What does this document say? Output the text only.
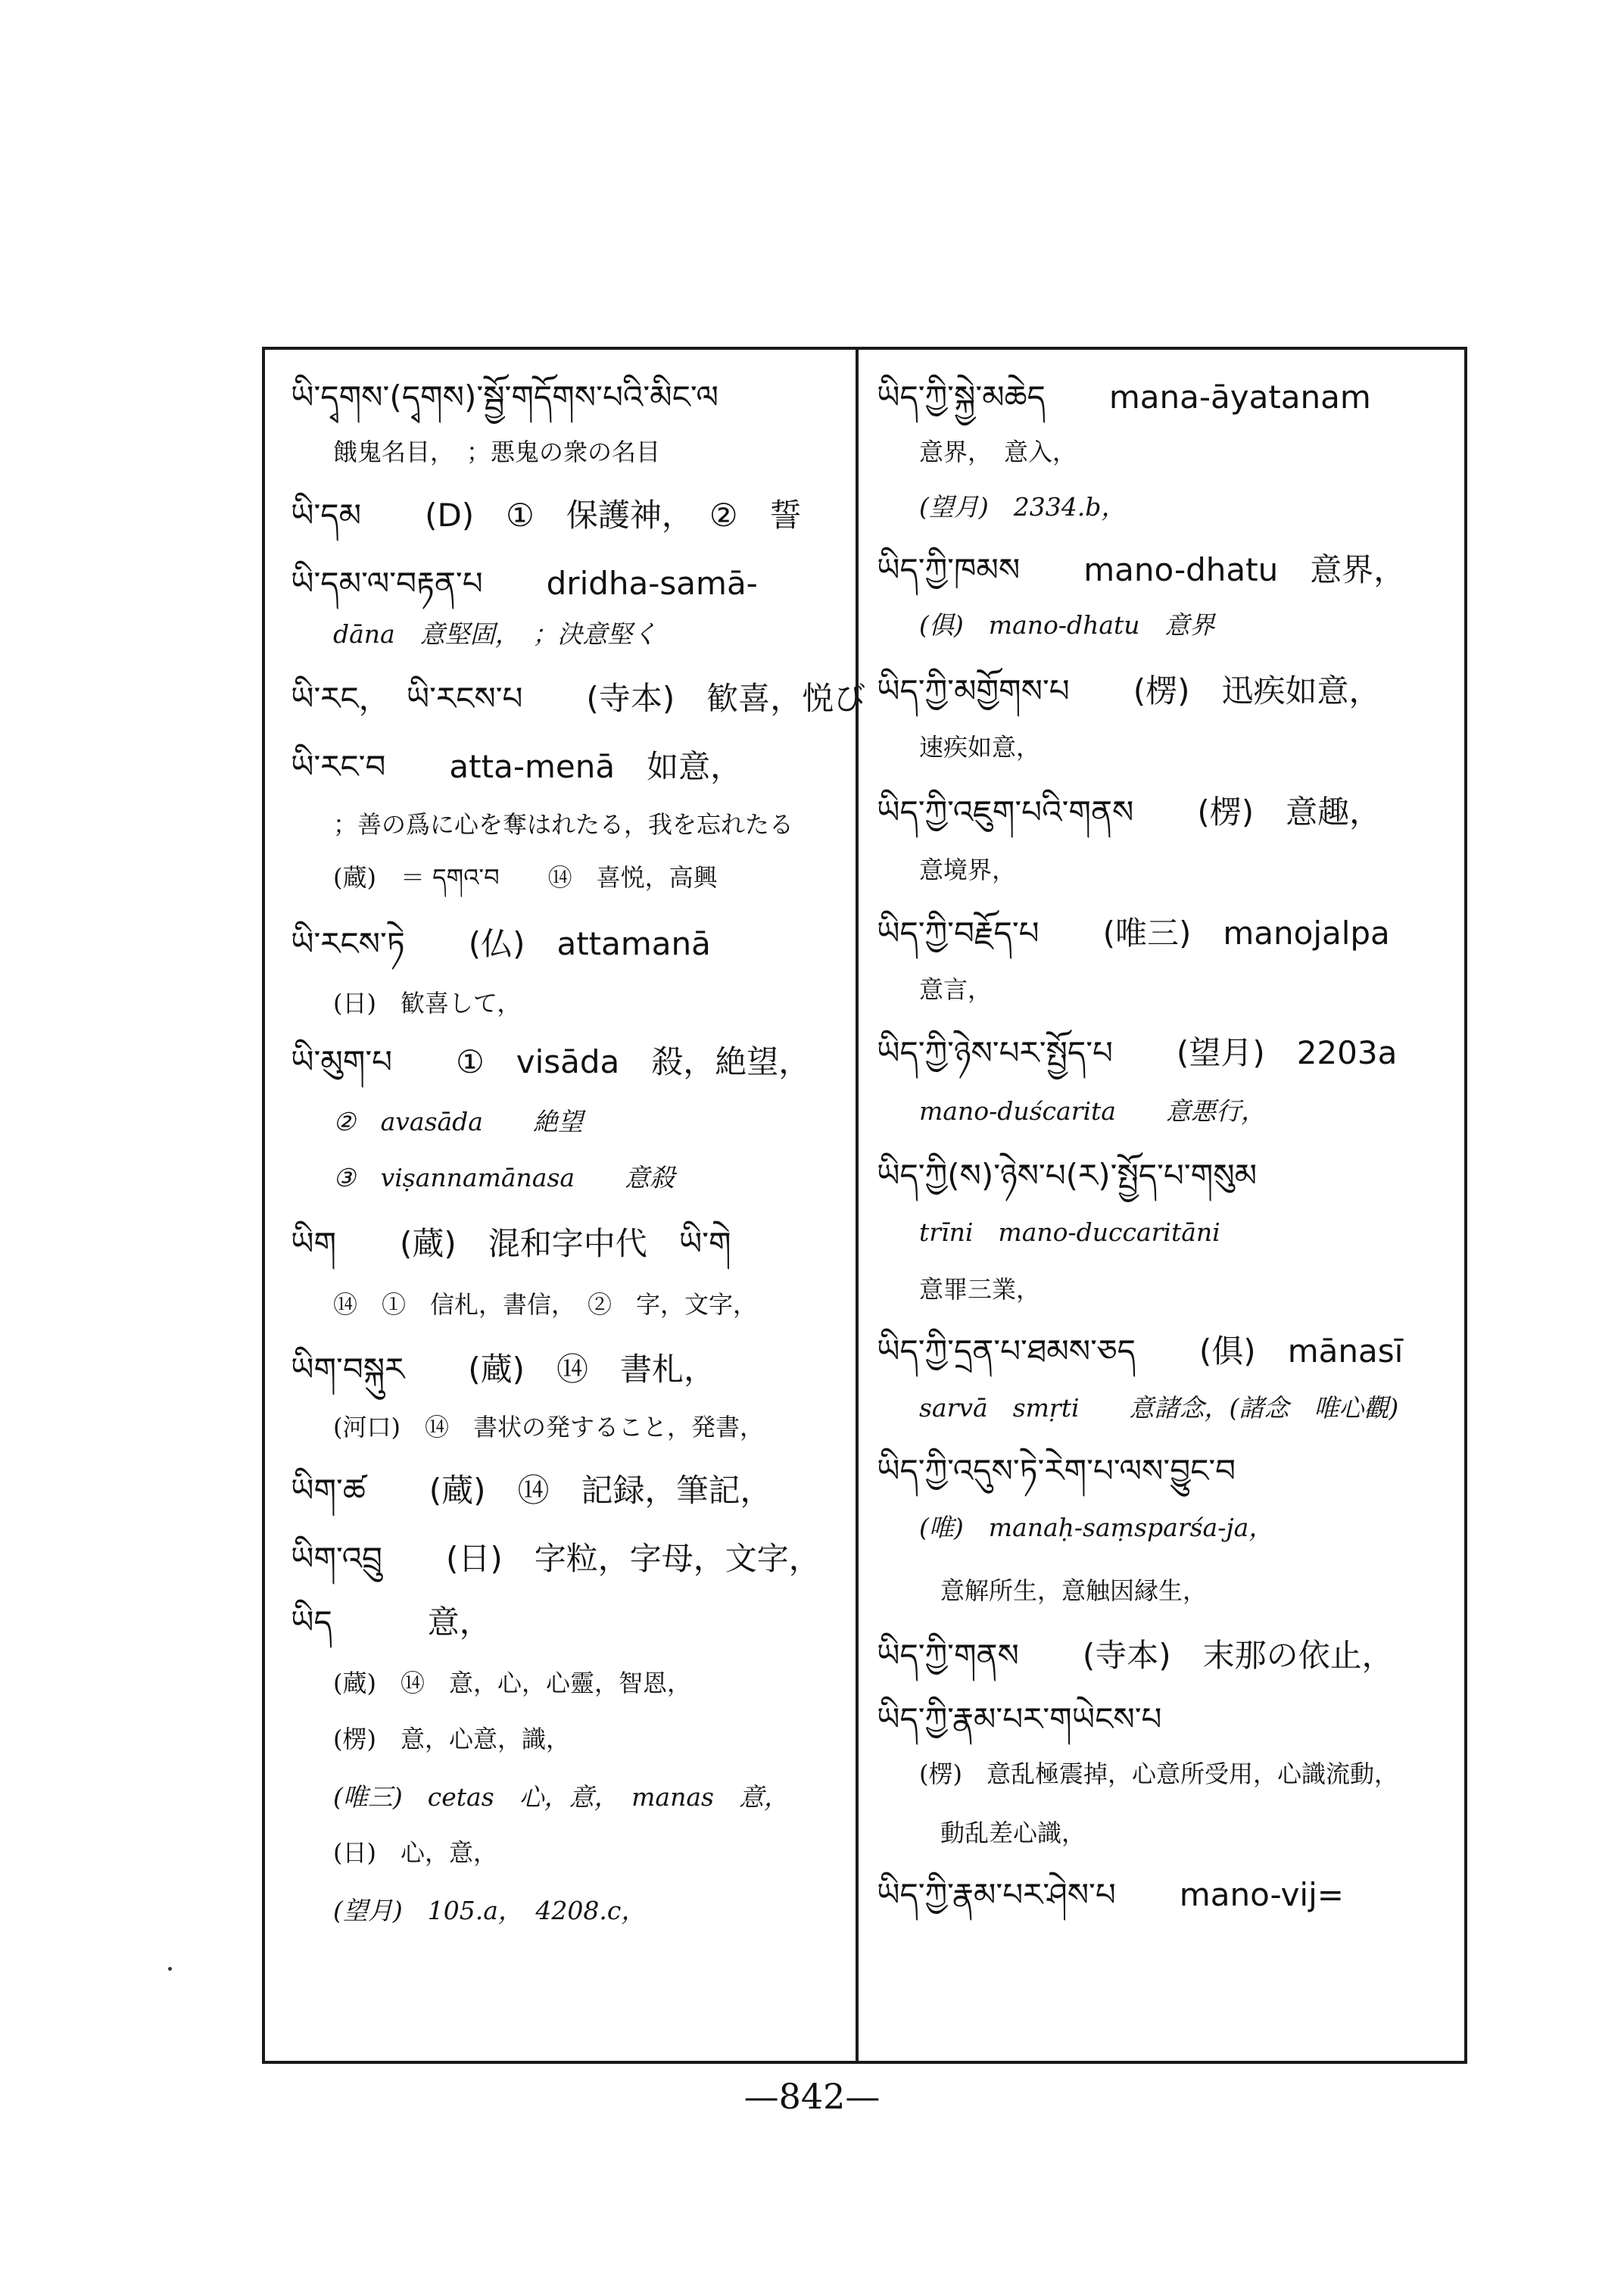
ཡི་དྭགས་(དྭགས)་སྦྱོ་གདོགས་པའི་མིང་ལ
餓鬼名目，　；悪鬼の衆の名目
ཡི་དམ　　(D)　①　保護神，　②　誓
ཡི་དམ་ལ་བརྟན་པ　　dridha-samā-
dāna　意堅固，　；決意堅く
ཡི་རང，　ཡི་རངས་པ　　(寺本)　歓喜，悦び
ཡི་རང་བ　　atta-menā　如意，
；善の爲に心を奪はれたる，我を忘れたる
(蔵)　＝ དགའ་བ　　⑭　喜悦，高興
ཡི་རངས་ཏེ　　(仏)　attamanā
(日)　歓喜して，
ཡི་མུག་པ　　①　visāda　殺，絶望，
②　avasāda　　絶望
③　viṣannamānasa　　意殺
ཡིག　　(蔵)　混和字中代　ཡི་གེ
⑭　①　信札，書信，　②　字，文字，
ཡིག་བསྐུར　　(蔵)　⑭　書札，
(河口)　⑭　書状の発すること，発書，
ཡིག་ཚ　　(蔵)　⑭　記録，筆記，
ཡིག་འབྲུ　　(日)　字粒，字母，文字，
ཡིད　　　意，
(蔵)　⑭　意，心，心靈，智恩，
(楞)　意，心意，識，
(唯三)　cetas　心，意，　manas　意，
(日)　心，意，
(望月)　105.a，　4208.c，
ཡིད་ཀྱི་སྐྱེ་མཆེད　　mana-āyatanam
意界，　意入，
(望月)　2334.b，
ཡིད་ཀྱི་ཁམས　　mano-dhatu　意界，
(俱)　mano-dhatu　意界
ཡིད་ཀྱི་མགྱོགས་པ　　(楞)　迅疾如意，
速疾如意，
ཡིད་ཀྱི་འཇུག་པའི་གནས　　(楞)　意趣，
意境界，
ཡིད་ཀྱི་བརྗོད་པ　　(唯三)　manojalpa
意言，
ཡིད་ཀྱི་ཉེས་པར་སྤྱོད་པ　　(望月)　2203a
mano-duścarita　　意悪行，
ཡིད་ཀྱི(ས)་ཉེས་པ(ར)་སྤྱོད་པ་གསུམ
trīni　mano-duccaritāni
意罪三業，
ཡིད་ཀྱི་དྲན་པ་ཐམས་ཅད　　(俱)　mānasī
sarvā　smṛti　　意諸念，(諸念　唯心觀)
ཡིད་ཀྱི་འདུས་ཏེ་རེག་པ་ལས་བྱུང་བ
(唯)　manaḥ-saṃsparśa-ja，
意解所生，意触因縁生，
ཡིད་ཀྱི་གནས　　(寺本)　末那の依止，
ཡིད་ཀྱི་རྣམ་པར་གཡེངས་པ
(楞)　意乱極震掉，心意所受用，心識流動，
動乱差心識，
ཡིད་ཀྱི་རྣམ་པར་ཤེས་པ　　mano-vij=
—842—
